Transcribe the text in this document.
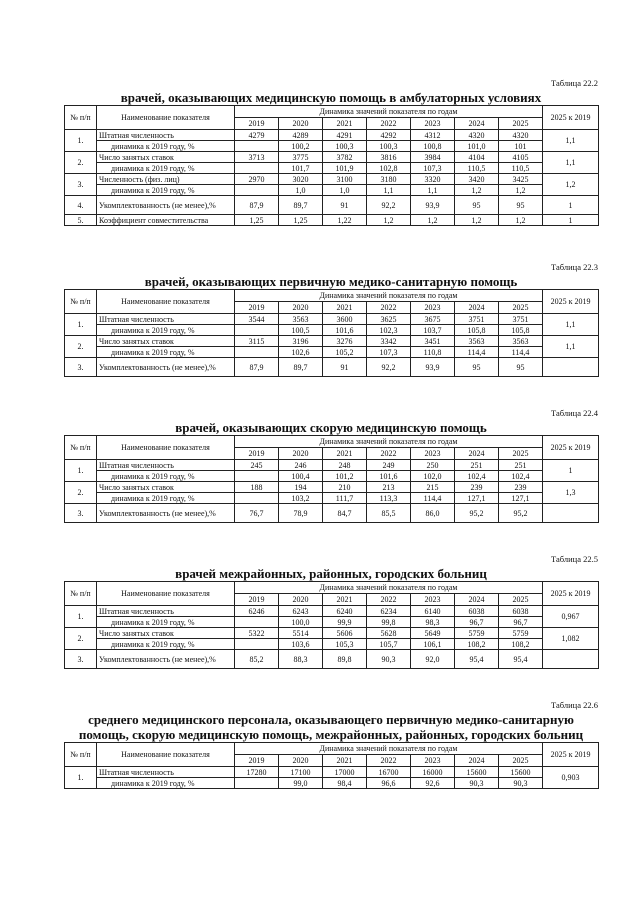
Таблица 22.2

врачей, оказывающих медицинскую помощь в амбулаторных условиях

№ п/п	Наименование показателя	Динамика значений показателя по годам							2025 к 2019
		2019	2020	2021	2022	2023	2024	2025	
1.	Штатная численность	4279	4289	4291	4292	4312	4320	4320	1,1
	динамика к 2019 году, %		100,2	100,3	100,3	100,8	101,0	101	
2.	Число занятых ставок	3713	3775	3782	3816	3984	4104	4105	1,1
	динамика к 2019 году, %		101,7	101,9	102,8	107,3	110,5	110,5	
3.	Численность (физ. лиц)	2970	3020	3100	3180	3320	3420	3425	1,2
	динамика к 2019 году, %		1,0	1,0	1,1	1,1	1,2	1,2	
4.	Укомплектованность (не менее),%	87,9	89,7	91	92,2	93,9	95	95	1
5.	Коэффициент совместительства	1,25	1,25	1,22	1,2	1,2	1,2	1,2	1

Таблица 22.3

врачей, оказывающих первичную медико-санитарную помощь

№ п/п	Наименование показателя	Динамика значений показателя по годам							2025 к 2019
		2019	2020	2021	2022	2023	2024	2025	
1.	Штатная численность	3544	3563	3600	3625	3675	3751	3751	1,1
	динамика к 2019 году, %		100,5	101,6	102,3	103,7	105,8	105,8	
2.	Число занятых ставок	3115	3196	3276	3342	3451	3563	3563	1,1
	динамика к 2019 году, %		102,6	105,2	107,3	110,8	114,4	114,4	
3.	Укомплектованность (не менее),%	87,9	89,7	91	92,2	93,9	95	95	

Таблица 22.4

врачей, оказывающих скорую медицинскую помощь

№ п/п	Наименование показателя	Динамика значений показателя по годам							2025 к 2019
		2019	2020	2021	2022	2023	2024	2025	
1.	Штатная численность	245	246	248	249	250	251	251	1
	динамика к 2019 году, %		100,4	101,2	101,6	102,0	102,4	102,4	
2.	Число занятых ставок	188	194	210	213	215	239	239	1,3
	динамика к 2019 году, %		103,2	111,7	113,3	114,4	127,1	127,1	
3.	Укомплектованность (не менее),%	76,7	78,9	84,7	85,5	86,0	95,2	95,2	

Таблица 22.5

врачей межрайонных, районных, городских больниц

№ п/п	Наименование показателя	Динамика значений показателя по годам							2025 к 2019
		2019	2020	2021	2022	2023	2024	2025	
1.	Штатная численность	6246	6243	6240	6234	6140	6038	6038	0,967
	динамика к 2019 году, %		100,0	99,9	99,8	98,3	96,7	96,7	
2.	Число занятых ставок	5322	5514	5606	5628	5649	5759	5759	1,082
	динамика к 2019 году, %		103,6	105,3	105,7	106,1	108,2	108,2	
3.	Укомплектованность (не менее),%	85,2	88,3	89,8	90,3	92,0	95,4	95,4	

Таблица 22.6

среднего медицинского персонала, оказывающего первичную медико-санитарную помощь, скорую медицинскую помощь, межрайонных, районных, городских больниц

№ п/п	Наименование показателя	Динамика значений показателя по годам							2025 к 2019
		2019	2020	2021	2022	2023	2024	2025	
1.	Штатная численность	17280	17100	17000	16700	16000	15600	15600	0,903
	динамика к 2019 году, %		99,0	98,4	96,6	92,6	90,3	90,3	
